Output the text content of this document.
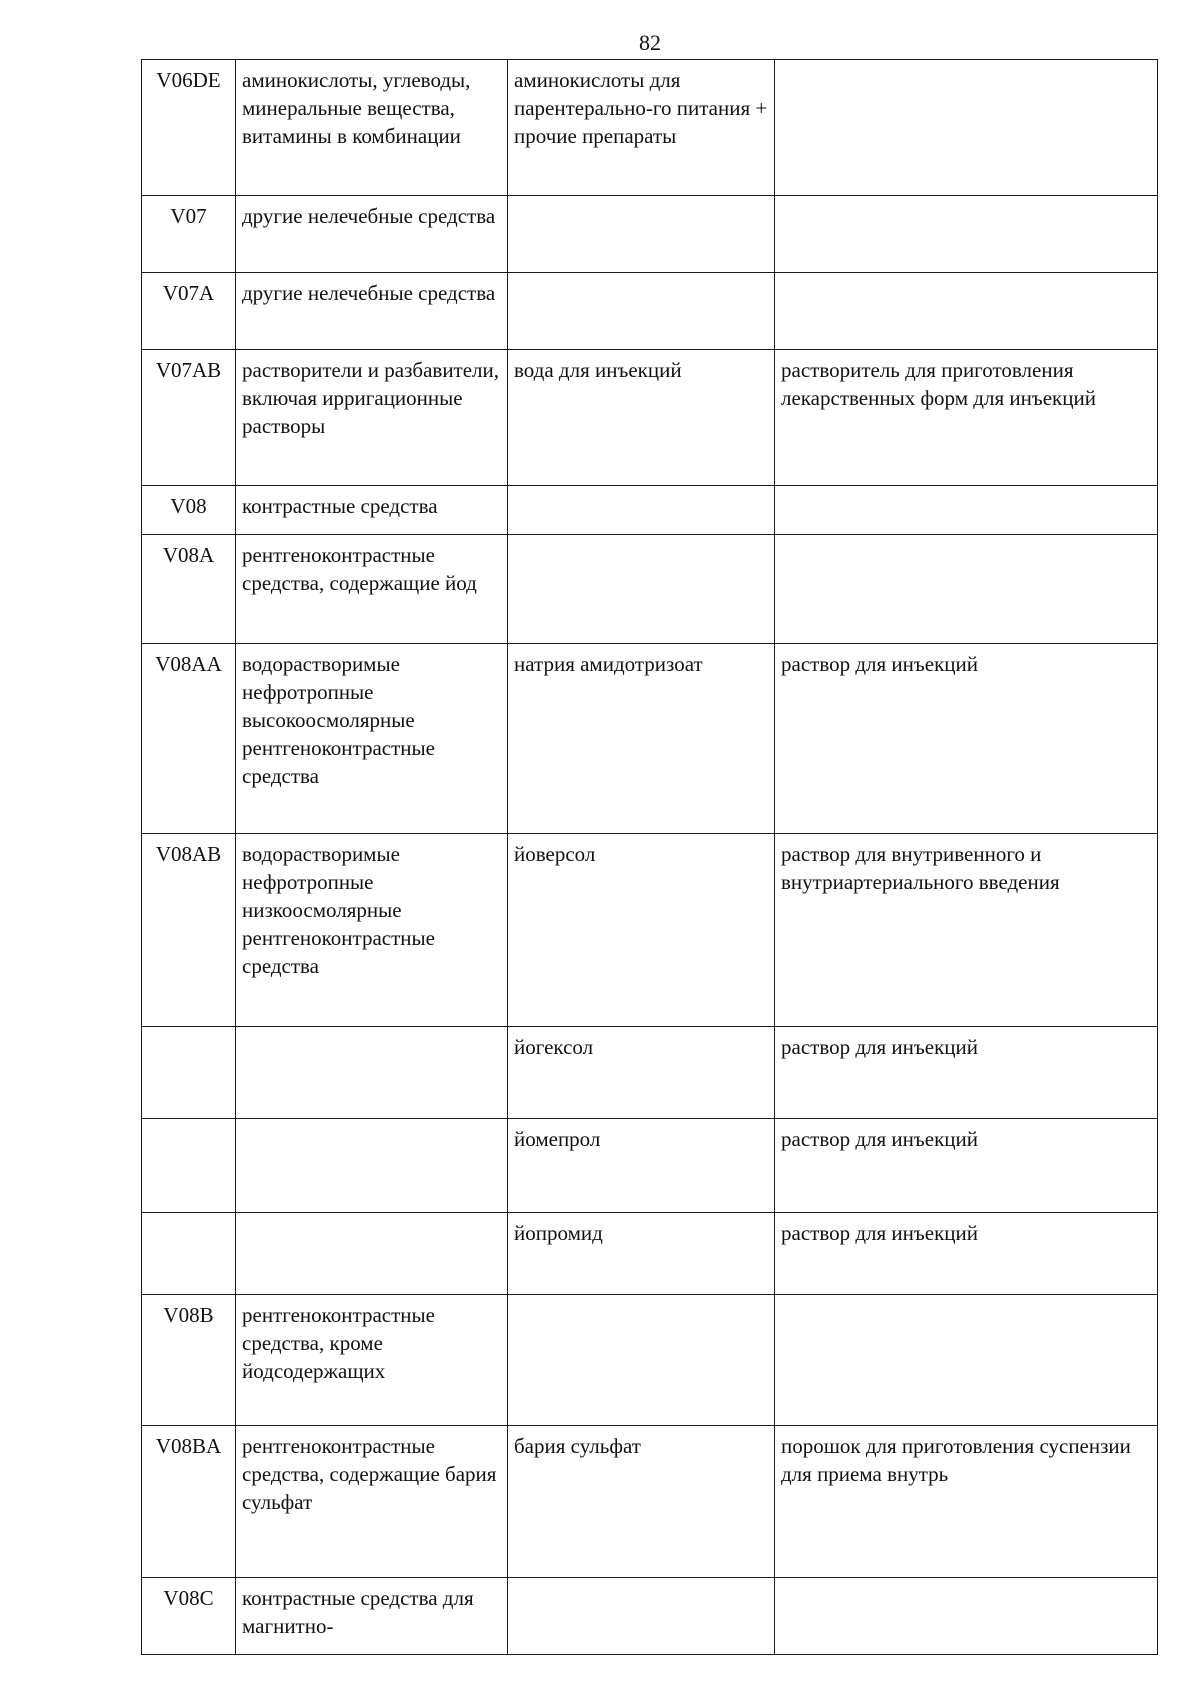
82
V06DE	аминокислоты, углеводы, минеральные вещества, витамины в комбинации	аминокислоты для парентерально-го питания + прочие препараты	
V07	другие нелечебные средства		
V07A	другие нелечебные средства		
V07AB	растворители и разбавители, включая ирригационные растворы	вода для инъекций	растворитель для приготовления лекарственных форм для инъекций
V08	контрастные средства		
V08A	рентгеноконтрастные средства, содержащие йод		
V08AA	водорастворимые нефротропные высокоосмолярные рентгеноконтрастные средства	натрия амидотризоат	раствор для инъекций
V08AB	водорастворимые нефротропные низкоосмолярные рентгеноконтрастные средства	йоверсол	раствор для внутривенного и внутриартериального введения
		йогексол	раствор для инъекций
		йомепрол	раствор для инъекций
		йопромид	раствор для инъекций
V08B	рентгеноконтрастные средства, кроме йодсодержащих		
V08BA	рентгеноконтрастные средства, содержащие бария сульфат	бария сульфат	порошок для приготовления суспензии для приема внутрь
V08C	контрастные средства для магнитно-		
